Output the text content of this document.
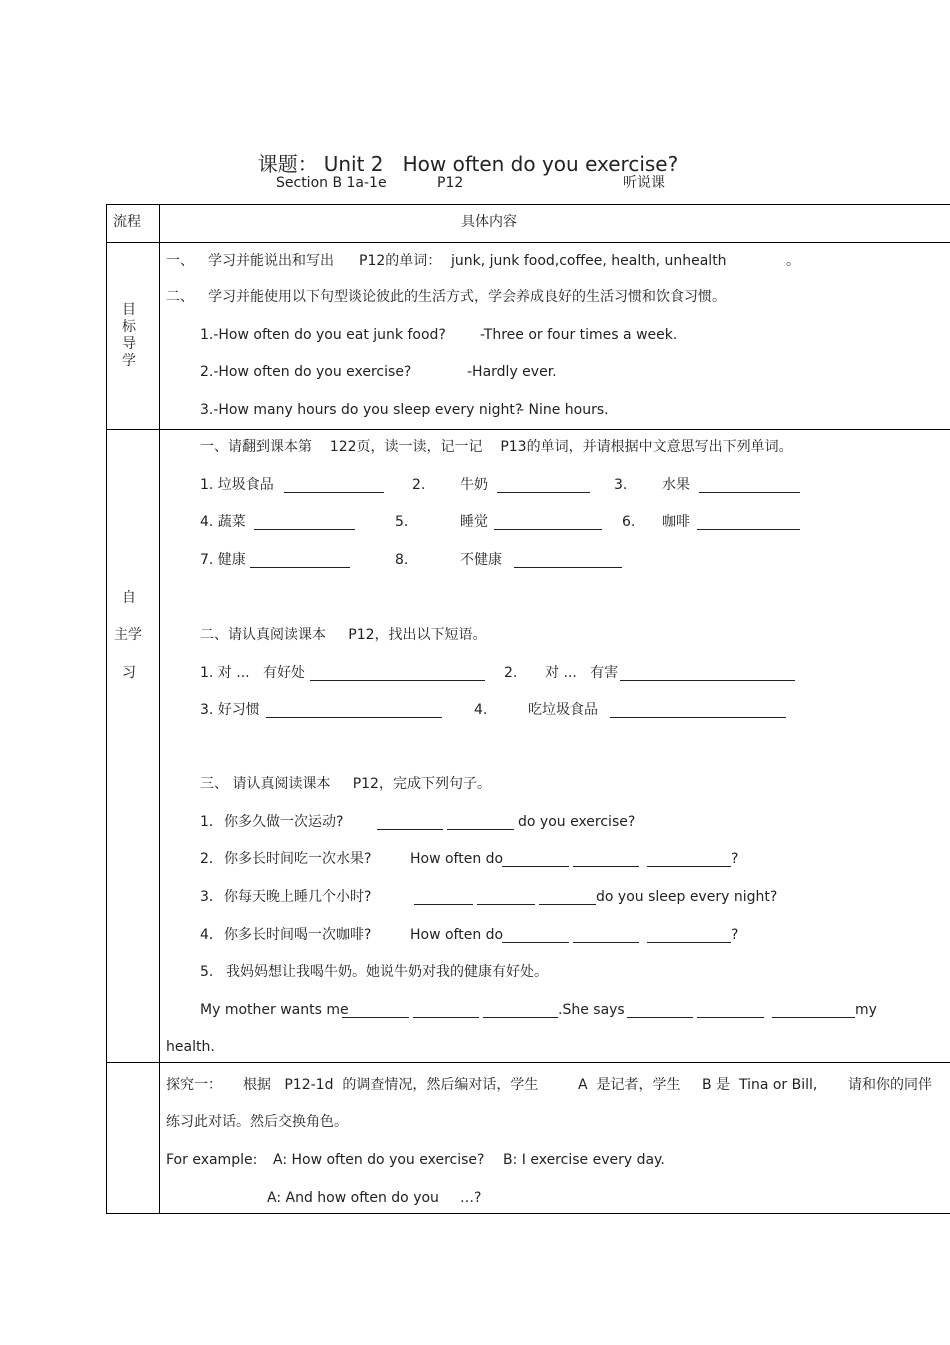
课题： Unit 2   How often do you exercise?

Section B 1a-1e	P12	听说课
流程	具体内容
目
标
导
学
一、 学习并能说出和写出 P12的单词： junk, junk food,coffee, health, unhealth	。
二、 学习并能使用以下句型谈论彼此的生活方式，学会养成良好的生活习惯和饮食习惯。
1.-How often do you eat junk food? -Three or four times a week.
2.-How often do you exercise?	-Hardly ever.
3.-How many hours do you sleep every night?
- Nine hours.
自
主学
习
一、请翻到课本第    122页，读一读，记一记    P13的单词，并请根据中文意思写出下列单词。
1. 垃圾食品	2. 牛奶	3. 水果
4. 蔬菜	5.	睡觉	6. 咖啡
7. 健康	8.	不健康
二、请认真阅读课本     P12，找出以下短语。
1. 对 ...   有好处	2. 对 ...   有害
3. 好习惯	4.	吃垃圾食品
三、 请认真阅读课本     P12，完成下列句子。
1． 你多久做一次运动?	do you exercise?
2． 你多长时间吃一次水果?	How often do	?
3． 你每天晚上睡几个小时?	do you sleep every night?
4． 你多长时间喝一次咖啡?	How often do	?
5. 我妈妈想让我喝牛奶。她说牛奶对我的健康有好处。
My mother wants me	.She says	my
health.
探究一： 根据   P12-1d  的调查情况，然后编对话，学生	A  是记者，学生 B 是  Tina or Bill, 请和你的同伴
练习此对话。然后交换角色。
For example: A: How often do you exercise? B: I exercise every day.
A: And how often do you …?
